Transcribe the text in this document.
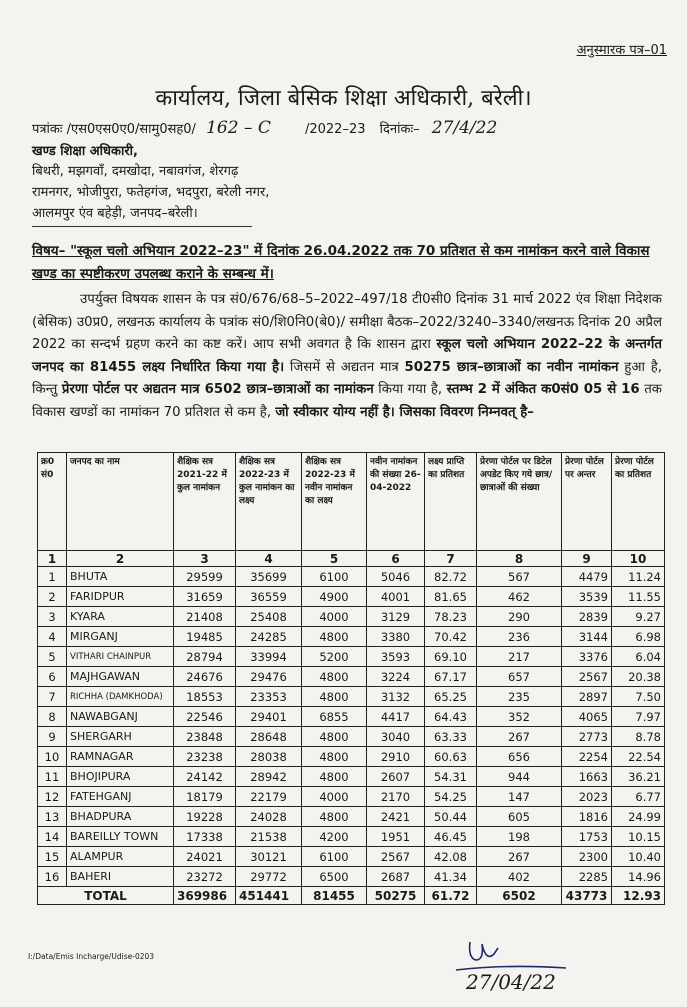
अनुस्मारक पत्र–01
कार्यालय, जिला बेसिक शिक्षा अधिकारी, बरेली।
पत्रांकः /एस0एस0ए0/सामु0सह0/ 162 – C	/2022–23 दिनांकः– 27/4/22
खण्ड शिक्षा अधिकारी,
बिथरी, मझगवाँ, दमखोदा, नबावगंज, शेरगढ़
रामनगर, भोजीपुरा, फतेहगंज, भदपुरा, बरेली नगर,
आलमपुर एंव बहेड़ी, जनपद–बरेली।
विषय– "स्कूल चलो अभियान 2022–23" में दिनांक 26.04.2022 तक 70 प्रतिशत से कम नामांकन करने वाले विकास खण्ड का स्पष्टीकरण उपलब्ध कराने के सम्बन्ध में।
उपर्युक्त विषयक शासन के पत्र सं0/676/68–5–2022–497/18 टी0सी0 दिनांक 31 मार्च 2022 एंव शिक्षा निदेशक (बेसिक) उ0प्र0, लखनऊ कार्यालय के पत्रांक सं0/शि0नि0(बे0)/ समीक्षा बैठक–2022/3240–3340/लखनऊ दिनांक 20 अप्रैल 2022 का सन्दर्भ ग्रहण करने का कष्ट करें। आप सभी अवगत है कि शासन द्वारा स्कूल चलो अभियान 2022–22 के अन्तर्गत जनपद का 81455 लक्ष्य निर्धारित किया गया है। जिसमें से अद्यतन मात्र 50275 छात्र–छात्राओं का नवीन नामांकन हुआ है, किन्तु प्रेरणा पोर्टल पर अद्यतन मात्र 6502 छात्र–छात्राओं का नामांकन किया गया है, स्तम्भ 2 में अंकित क0सं0 05 से 16 तक विकास खण्डों का नामांकन 70 प्रतिशत से कम है, जो स्वीकार योग्य नहीं है। जिसका विवरण निम्नवत् है–
क्र0 सं0	जनपद का नाम	शैक्षिक सत्र 2021-22 में कुल नामांकन	शैक्षिक सत्र 2022-23 में कुल नामांकन का लक्ष्य	शैक्षिक सत्र 2022-23 में नवीन नामांकन का लक्ष्य	नवीन नामांकन की संख्या 26-04-2022	लक्ष्य प्राप्ति का प्रतिशत	प्रेरणा पोर्टल पर डिटेल अपडेट किए गये छात्र/छात्राओं की संख्या	प्रेरणा पोर्टल पर अन्तर	प्रेरणा पोर्टल का प्रतिशत
1	2	3	4	5	6	7	8	9	10
1	BHUTA	29599	35699	6100	5046	82.72	567	4479	11.24
2	FARIDPUR	31659	36559	4900	4001	81.65	462	3539	11.55
3	KYARA	21408	25408	4000	3129	78.23	290	2839	9.27
4	MIRGANJ	19485	24285	4800	3380	70.42	236	3144	6.98
5	VITHARI CHAINPUR	28794	33994	5200	3593	69.10	217	3376	6.04
6	MAJHGAWAN	24676	29476	4800	3224	67.17	657	2567	20.38
7	RICHHA (DAMKHODA)	18553	23353	4800	3132	65.25	235	2897	7.50
8	NAWABGANJ	22546	29401	6855	4417	64.43	352	4065	7.97
9	SHERGARH	23848	28648	4800	3040	63.33	267	2773	8.78
10	RAMNAGAR	23238	28038	4800	2910	60.63	656	2254	22.54
11	BHOJIPURA	24142	28942	4800	2607	54.31	944	1663	36.21
12	FATEHGANJ	18179	22179	4000	2170	54.25	147	2023	6.77
13	BHADPURA	19228	24028	4800	2421	50.44	605	1816	24.99
14	BAREILLY TOWN	17338	21538	4200	1951	46.45	198	1753	10.15
15	ALAMPUR	24021	30121	6100	2567	42.08	267	2300	10.40
16	BAHERI	23272	29772	6500	2687	41.34	402	2285	14.96
TOTAL		369986	451441	81455	50275	61.72	6502	43773	12.93
I:/Data/Emis Incharge/Udise-0203
27/04/22
